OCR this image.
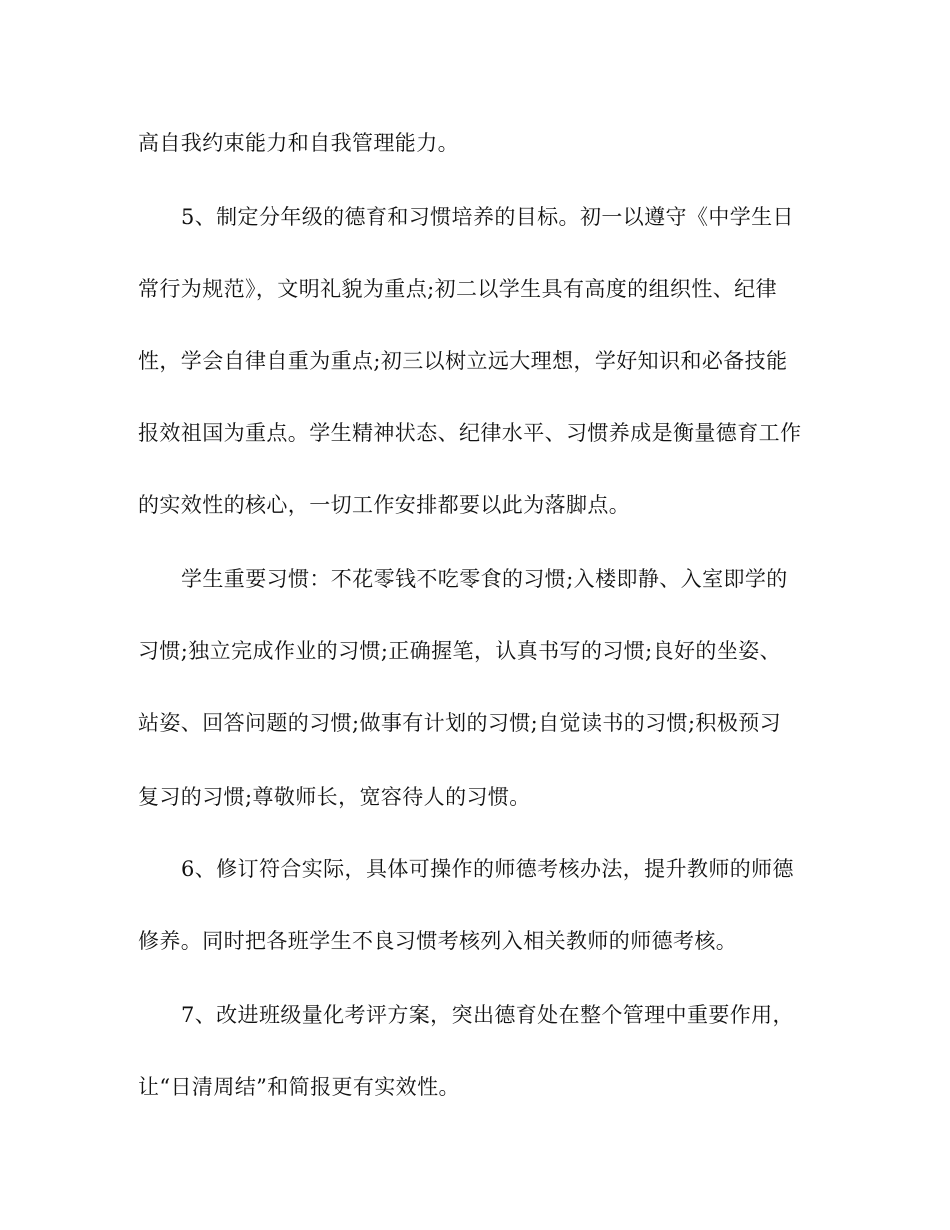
高自我约束能力和自我管理能力。
5、制定分年级的德育和习惯培养的目标。初一以遵守《中学生日
常行为规范》，文明礼貌为重点;初二以学生具有高度的组织性、纪律
性，学会自律自重为重点;初三以树立远大理想，学好知识和必备技能
报效祖国为重点。学生精神状态、纪律水平、习惯养成是衡量德育工作
的实效性的核心，一切工作安排都要以此为落脚点。
学生重要习惯：不花零钱不吃零食的习惯;入楼即静、入室即学的
习惯;独立完成作业的习惯;正确握笔，认真书写的习惯;良好的坐姿、
站姿、回答问题的习惯;做事有计划的习惯;自觉读书的习惯;积极预习
复习的习惯;尊敬师长，宽容待人的习惯。
6、修订符合实际，具体可操作的师德考核办法，提升教师的师德
修养。同时把各班学生不良习惯考核列入相关教师的师德考核。
7、改进班级量化考评方案，突出德育处在整个管理中重要作用，
让“日清周结”和简报更有实效性。
